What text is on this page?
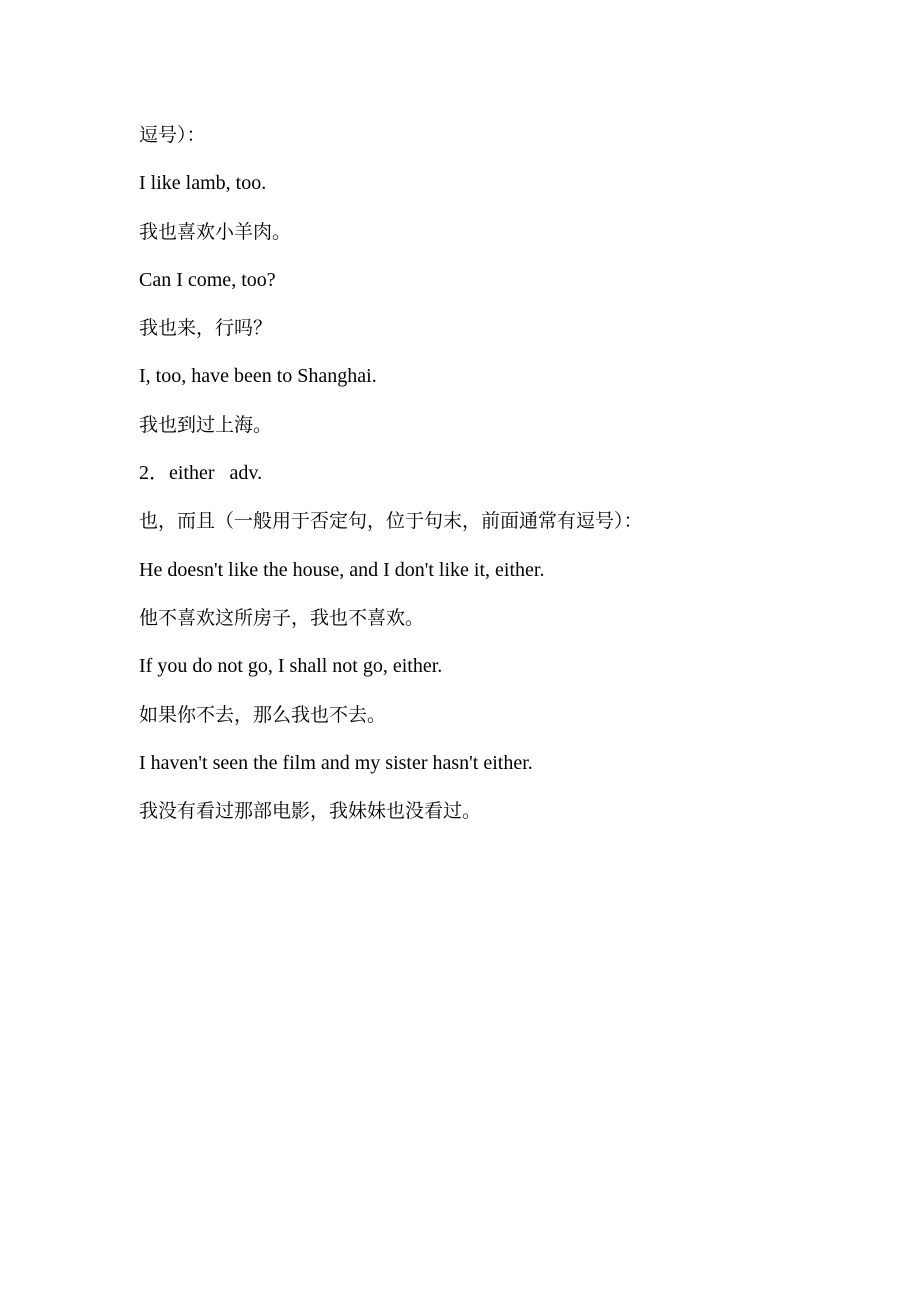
逗号）：
I like lamb, too.
我也喜欢小羊肉。
Can I come, too?
我也来，行吗？
I, too, have been to Shanghai.
我也到过上海。
2．either   adv.
也，而且（一般用于否定句，位于句末，前面通常有逗号）：
He doesn't like the house, and I don't like it, either.
他不喜欢这所房子，我也不喜欢。
If you do not go, I shall not go, either.
如果你不去，那么我也不去。
I haven't seen the film and my sister hasn't either.
我没有看过那部电影，我妹妹也没看过。
